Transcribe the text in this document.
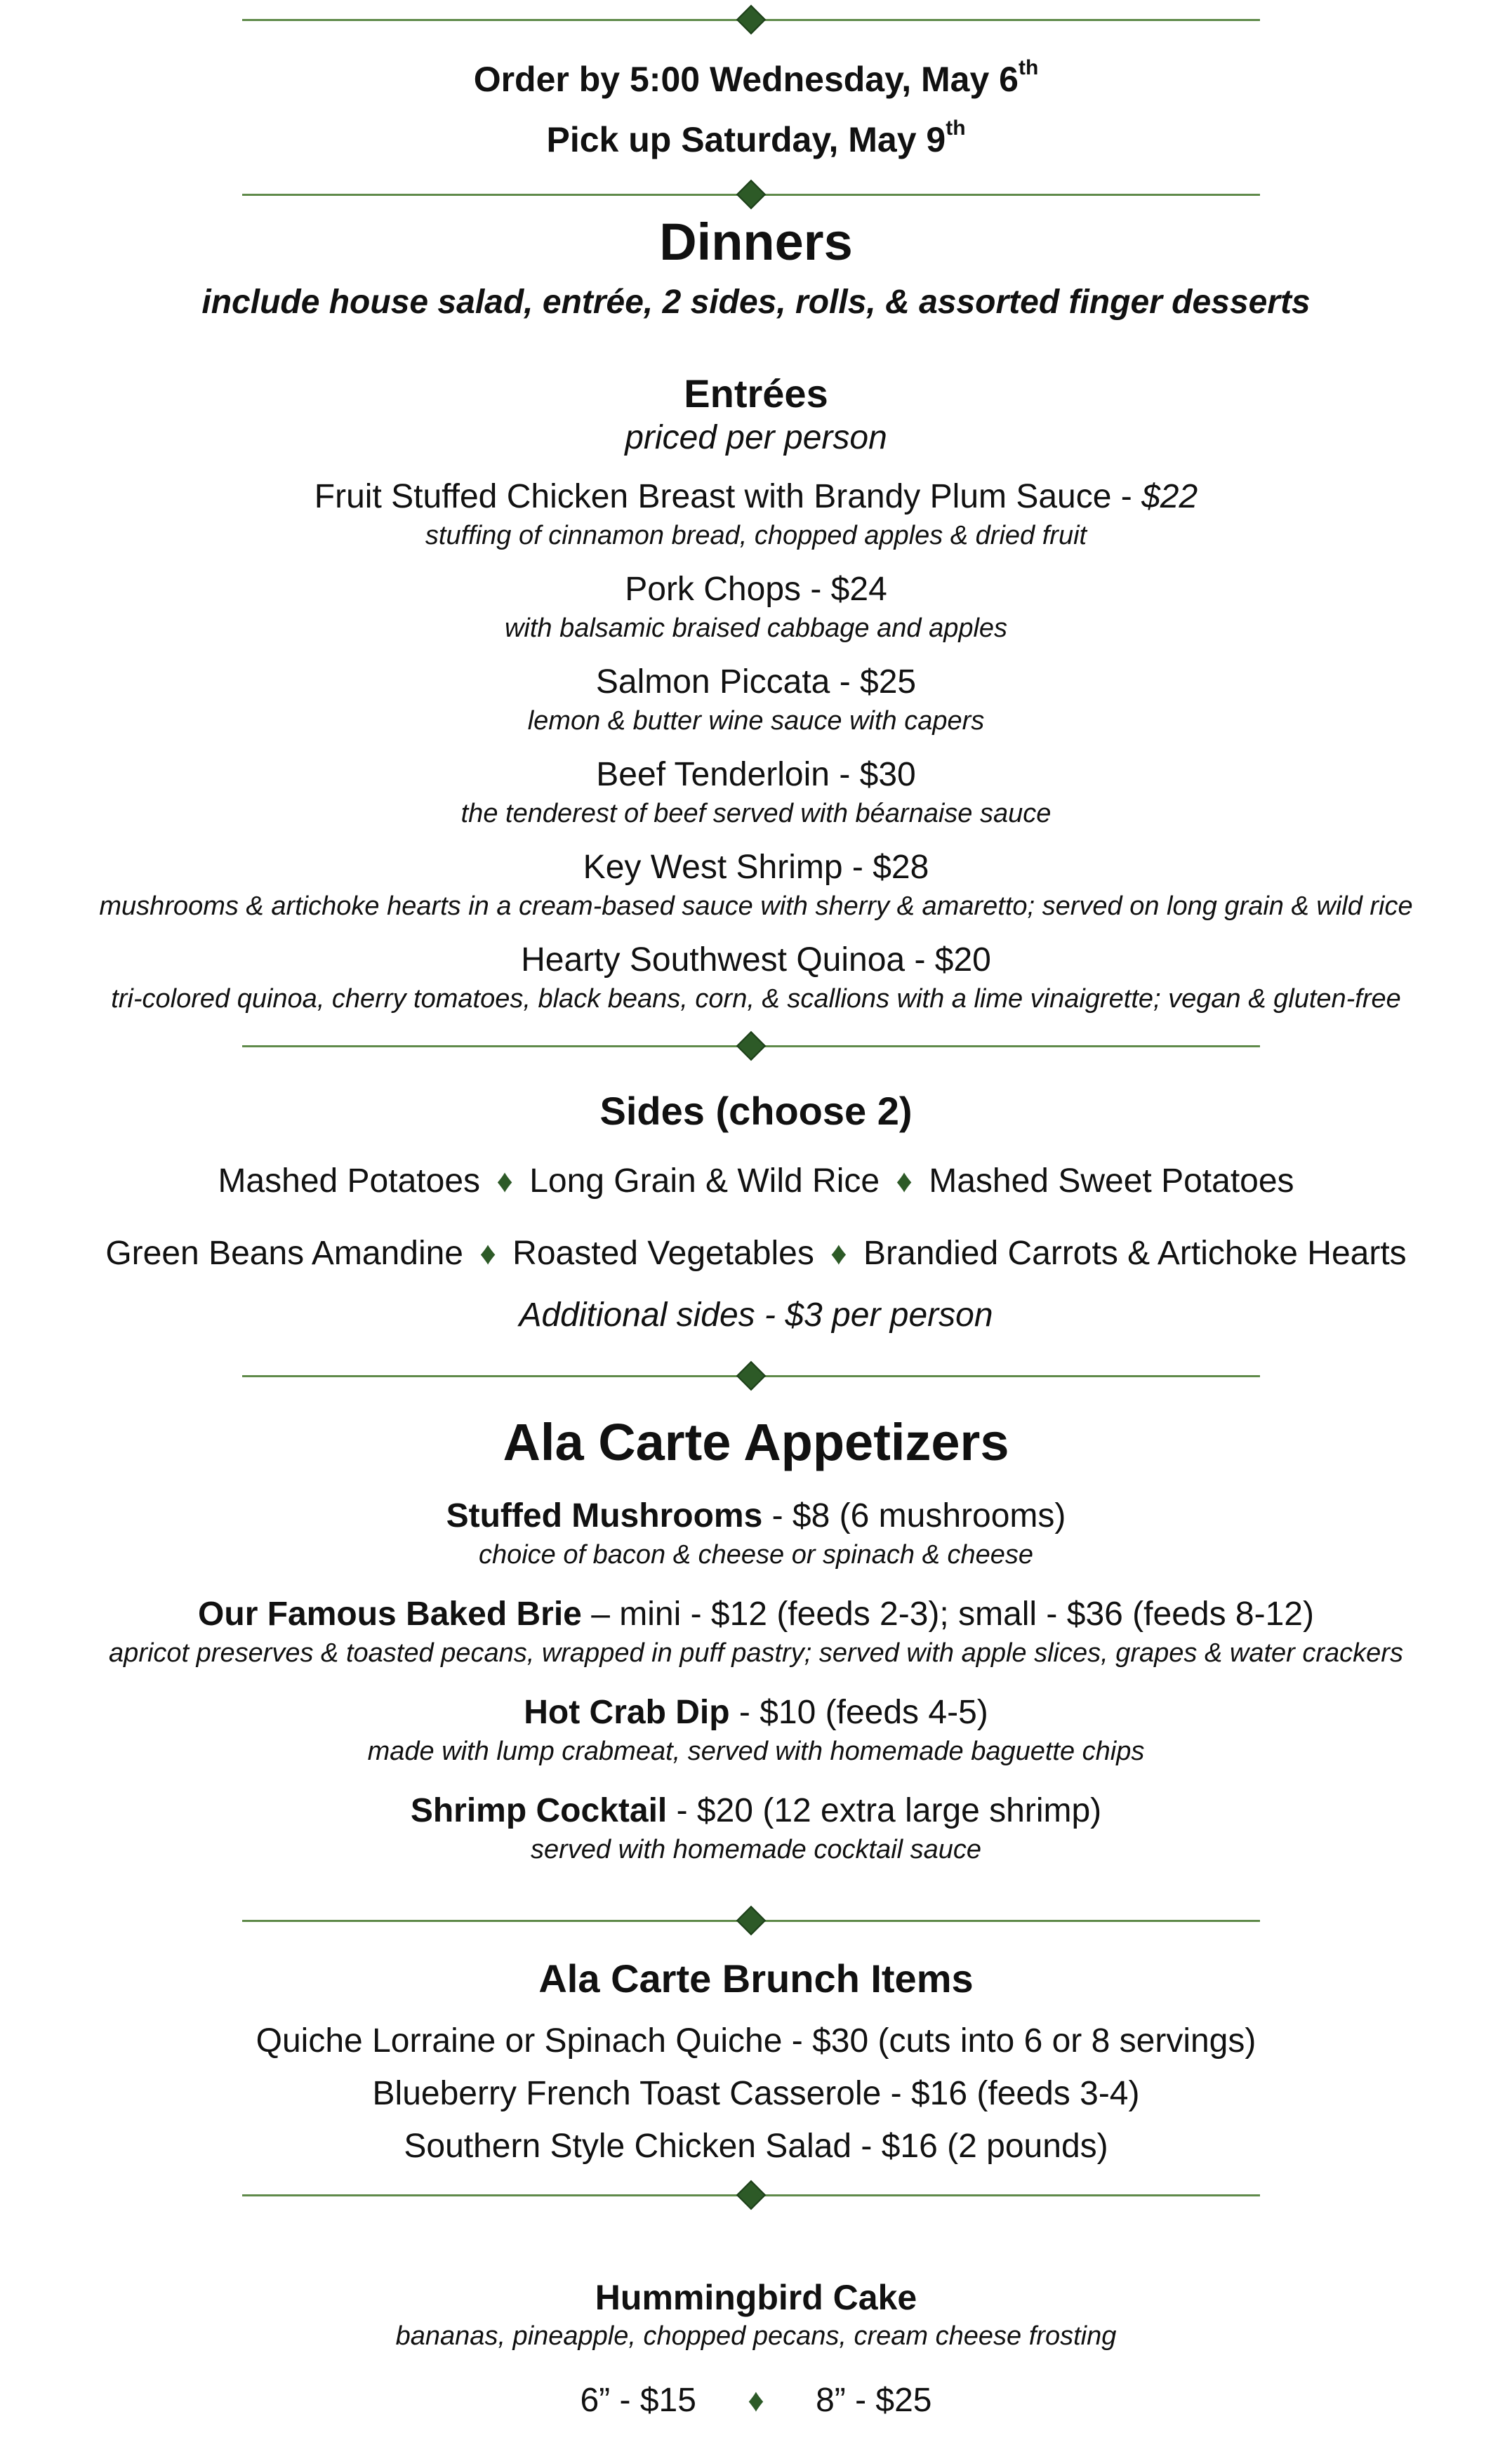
Order by 5:00 Wednesday, May 6th
Pick up Saturday, May 9th
Dinners
include house salad, entrée, 2 sides, rolls, & assorted finger desserts
Entrées
priced per person
Fruit Stuffed Chicken Breast with Brandy Plum Sauce - $22
stuffing of cinnamon bread, chopped apples & dried fruit
Pork Chops - $24
with balsamic braised cabbage and apples
Salmon Piccata - $25
lemon & butter wine sauce with capers
Beef Tenderloin - $30
the tenderest of beef served with béarnaise sauce
Key West Shrimp - $28
mushrooms & artichoke hearts in a cream-based sauce with sherry & amaretto; served on long grain & wild rice
Hearty Southwest Quinoa - $20
tri-colored quinoa, cherry tomatoes, black beans, corn, & scallions with a lime vinaigrette; vegan & gluten-free
Sides (choose 2)
Mashed Potatoes ♦ Long Grain & Wild Rice ♦ Mashed Sweet Potatoes
Green Beans Amandine ♦ Roasted Vegetables ♦ Brandied Carrots & Artichoke Hearts
Additional sides - $3 per person
Ala Carte Appetizers
Stuffed Mushrooms - $8 (6 mushrooms)
choice of bacon & cheese or spinach & cheese
Our Famous Baked Brie – mini - $12 (feeds 2-3); small - $36 (feeds 8-12)
apricot preserves & toasted pecans, wrapped in puff pastry; served with apple slices, grapes & water crackers
Hot Crab Dip - $10 (feeds 4-5)
made with lump crabmeat, served with homemade baguette chips
Shrimp Cocktail - $20 (12 extra large shrimp)
served with homemade cocktail sauce
Ala Carte Brunch Items
Quiche Lorraine or Spinach Quiche - $30 (cuts into 6 or 8 servings)
Blueberry French Toast Casserole - $16 (feeds 3-4)
Southern Style Chicken Salad - $16 (2 pounds)
Hummingbird Cake
bananas, pineapple, chopped pecans, cream cheese frosting
6” - $15 ♦ 8” - $25
